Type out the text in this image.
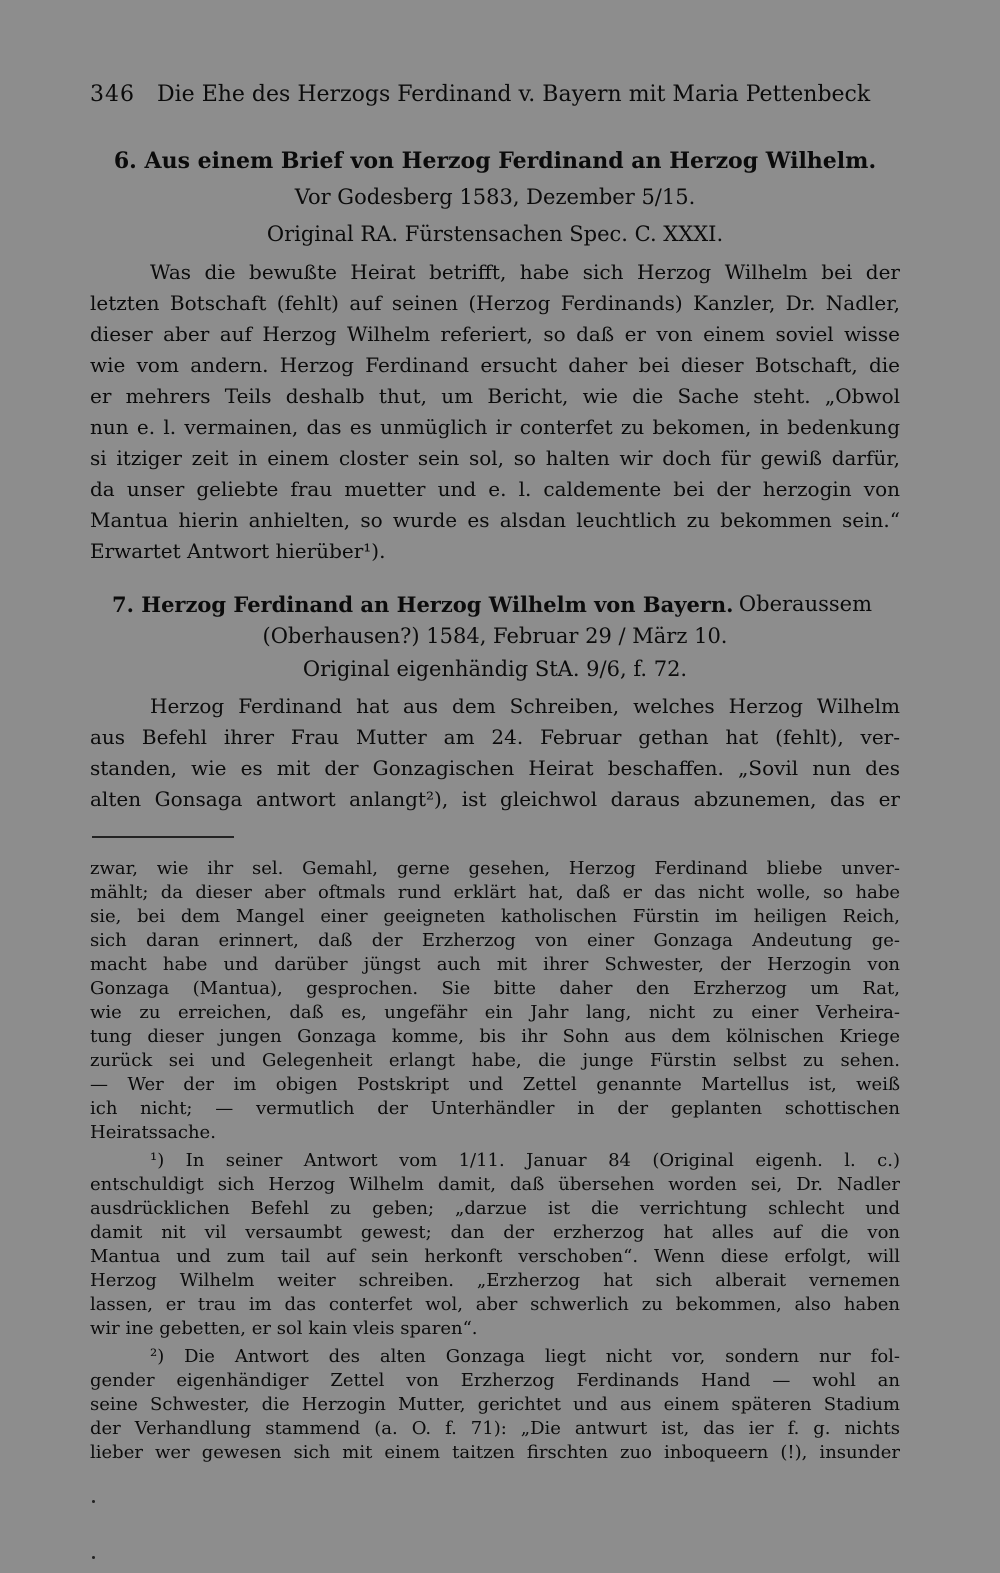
346 Die Ehe des Herzogs Ferdinand v. Bayern mit Maria Pettenbeck
6. Aus einem Brief von Herzog Ferdinand an Herzog Wilhelm.
Vor Godesberg 1583, Dezember 5/15.
Original RA. Fürstensachen Spec. C. XXXI.
Was die bewußte Heirat betrifft, habe sich Herzog Wilhelm bei der
letzten Botschaft (fehlt) auf seinen (Herzog Ferdinands) Kanzler, Dr. Nadler,
dieser aber auf Herzog Wilhelm referiert, so daß er von einem soviel wisse
wie vom andern. Herzog Ferdinand ersucht daher bei dieser Botschaft, die
er mehrers Teils deshalb thut, um Bericht, wie die Sache steht. „Obwol
nun e. l. vermainen, das es unmüglich ir conterfet zu bekomen, in bedenkung
si itziger zeit in einem closter sein sol, so halten wir doch für gewiß darfür,
da unser geliebte frau muetter und e. l. caldemente bei der herzogin von
Mantua hierin anhielten, so wurde es alsdan leuchtlich zu bekommen sein.“
Erwartet Antwort hierüber¹).
7. Herzog Ferdinand an Herzog Wilhelm von Bayern. Oberaussem
(Oberhausen?) 1584, Februar 29 / März 10.
Original eigenhändig StA. 9/6, f. 72.
Herzog Ferdinand hat aus dem Schreiben, welches Herzog Wilhelm
aus Befehl ihrer Frau Mutter am 24. Februar gethan hat (fehlt), ver-
standen, wie es mit der Gonzagischen Heirat beschaffen. „Sovil nun des
alten Gonsaga antwort anlangt²), ist gleichwol daraus abzunemen, das er
zwar, wie ihr sel. Gemahl, gerne gesehen, Herzog Ferdinand bliebe unver-
mählt; da dieser aber oftmals rund erklärt hat, daß er das nicht wolle, so habe
sie, bei dem Mangel einer geeigneten katholischen Fürstin im heiligen Reich,
sich daran erinnert, daß der Erzherzog von einer Gonzaga Andeutung ge-
macht habe und darüber jüngst auch mit ihrer Schwester, der Herzogin von
Gonzaga (Mantua), gesprochen. Sie bitte daher den Erzherzog um Rat,
wie zu erreichen, daß es, ungefähr ein Jahr lang, nicht zu einer Verheira-
tung dieser jungen Gonzaga komme, bis ihr Sohn aus dem kölnischen Kriege
zurück sei und Gelegenheit erlangt habe, die junge Fürstin selbst zu sehen.
— Wer der im obigen Postskript und Zettel genannte Martellus ist, weiß
ich nicht; — vermutlich der Unterhändler in der geplanten schottischen
Heiratssache.
¹) In seiner Antwort vom 1/11. Januar 84 (Original eigenh. l. c.)
entschuldigt sich Herzog Wilhelm damit, daß übersehen worden sei, Dr. Nadler
ausdrücklichen Befehl zu geben; „darzue ist die verrichtung schlecht und
damit nit vil versaumbt gewest; dan der erzherzog hat alles auf die von
Mantua und zum tail auf sein herkonft verschoben“. Wenn diese erfolgt, will
Herzog Wilhelm weiter schreiben. „Erzherzog hat sich alberait vernemen
lassen, er trau im das conterfet wol, aber schwerlich zu bekommen, also haben
wir ine gebetten, er sol kain vleis sparen“.
²) Die Antwort des alten Gonzaga liegt nicht vor, sondern nur fol-
gender eigenhändiger Zettel von Erzherzog Ferdinands Hand — wohl an
seine Schwester, die Herzogin Mutter, gerichtet und aus einem späteren Stadium
der Verhandlung stammend (a. O. f. 71): „Die antwurt ist, das ier f. g. nichts
lieber wer gewesen sich mit einem taitzen firschten zuo inboqueern (!), insunder
